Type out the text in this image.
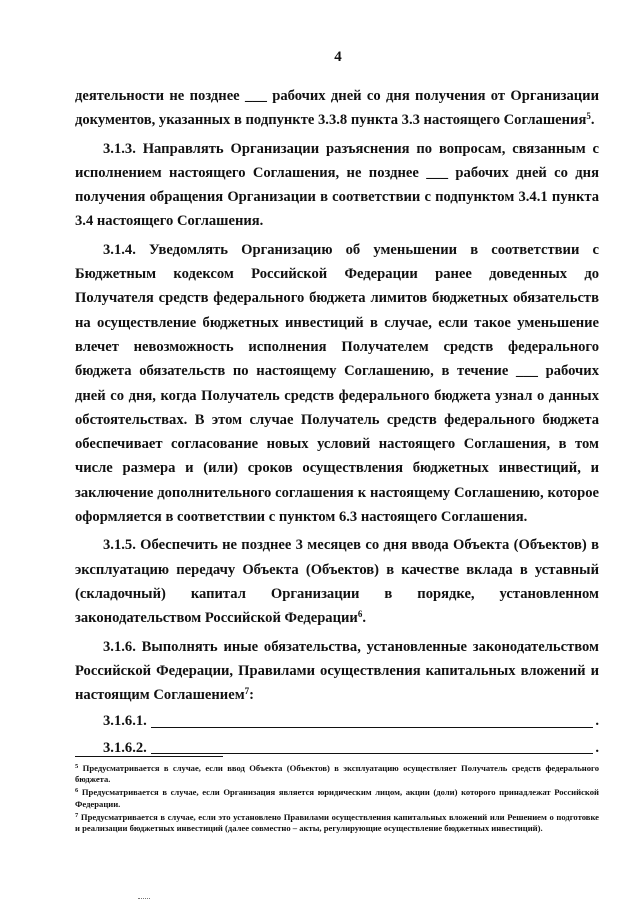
4

деятельности не позднее ___ рабочих дней со дня получения от Организации документов, указанных в подпункте 3.3.8 пункта 3.3 настоящего Соглашения$^5$.

3.1.3. Направлять Организации разъяснения по вопросам, связанным с исполнением настоящего Соглашения, не позднее ___ рабочих дней со дня получения обращения Организации в соответствии с подпунктом 3.4.1 пункта 3.4 настоящего Соглашения.

3.1.4. Уведомлять Организацию об уменьшении в соответствии с Бюджетным кодексом Российской Федерации ранее доведенных до Получателя средств федерального бюджета лимитов бюджетных обязательств на осуществление бюджетных инвестиций в случае, если такое уменьшение влечет невозможность исполнения Получателем средств федерального бюджета обязательств по настоящему Соглашению, в течение ___ рабочих дней со дня, когда Получатель средств федерального бюджета узнал о данных обстоятельствах. В этом случае Получатель средств федерального бюджета обеспечивает согласование новых условий настоящего Соглашения, в том числе размера и (или) сроков осуществления бюджетных инвестиций, и заключение дополнительного соглашения к настоящему Соглашению, которое оформляется в соответствии с пунктом 6.3 настоящего Соглашения.

3.1.5. Обеспечить не позднее 3 месяцев со дня ввода Объекта (Объектов) в эксплуатацию передачу Объекта (Объектов) в качестве вклада в уставный (складочный) капитал Организации в порядке, установленном законодательством Российской Федерации$^6$.

3.1.6. Выполнять иные обязательства, установленные законодательством Российской Федерации, Правилами осуществления капитальных вложений и настоящим Соглашением$^7$:

3.1.6.1.	.
3.1.6.2.	.

$^5$ Предусматривается в случае, если ввод Объекта (Объектов) в эксплуатацию осуществляет Получатель средств федерального бюджета.

$^6$ Предусматривается в случае, если Организация является юридическим лицом, акции (доли) которого принадлежат Российской Федерации.

$^7$ Предусматривается в случае, если это установлено Правилами осуществления капитальных вложений или Решением о подготовке и реализации бюджетных инвестиций (далее совместно – акты, регулирующие осуществление бюджетных инвестиций).
